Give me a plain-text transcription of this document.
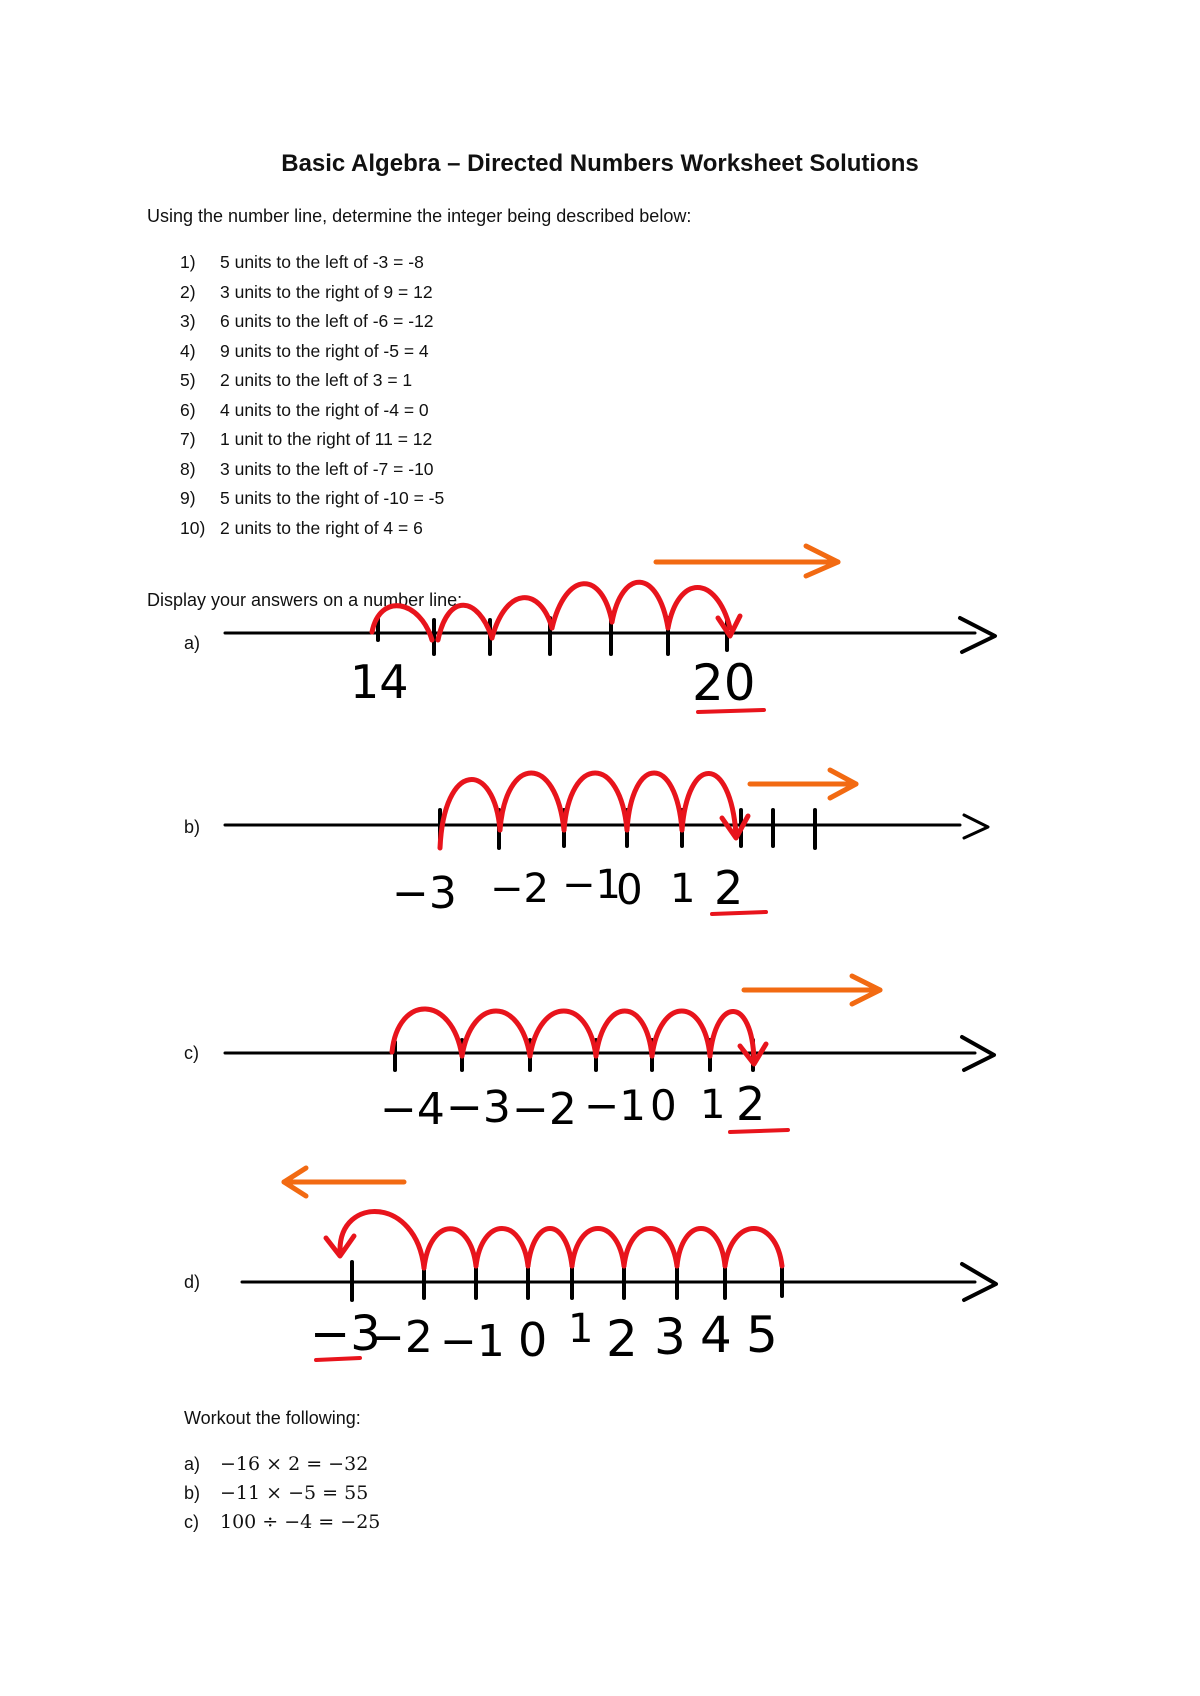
Basic Algebra – Directed Numbers Worksheet Solutions
Using the number line, determine the integer being described below:
1) 5 units to the left of -3 = -8
2) 3 units to the right of 9 = 12
3) 6 units to the left of -6 = -12
4) 9 units to the right of -5 = 4
5) 2 units to the left of 3 = 1
6) 4 units to the right of -4 = 0
7) 1 unit to the right of 11 = 12
8) 3 units to the left of -7 = -10
9) 5 units to the right of -10 = -5
10) 2 units to the right of 4 = 6
Display your answers on a number line:
a)
b)
c)
d)
14	20
−3 −2 −1
0 1 2
−4 −3 −2 −1 0 1 2
−3
−2 −1 0 1 2 3 4 5
Workout the following:
a) −16 × 2 = −32
b) −11 × −5 = 55
c) 100 ÷ −4 = −25
